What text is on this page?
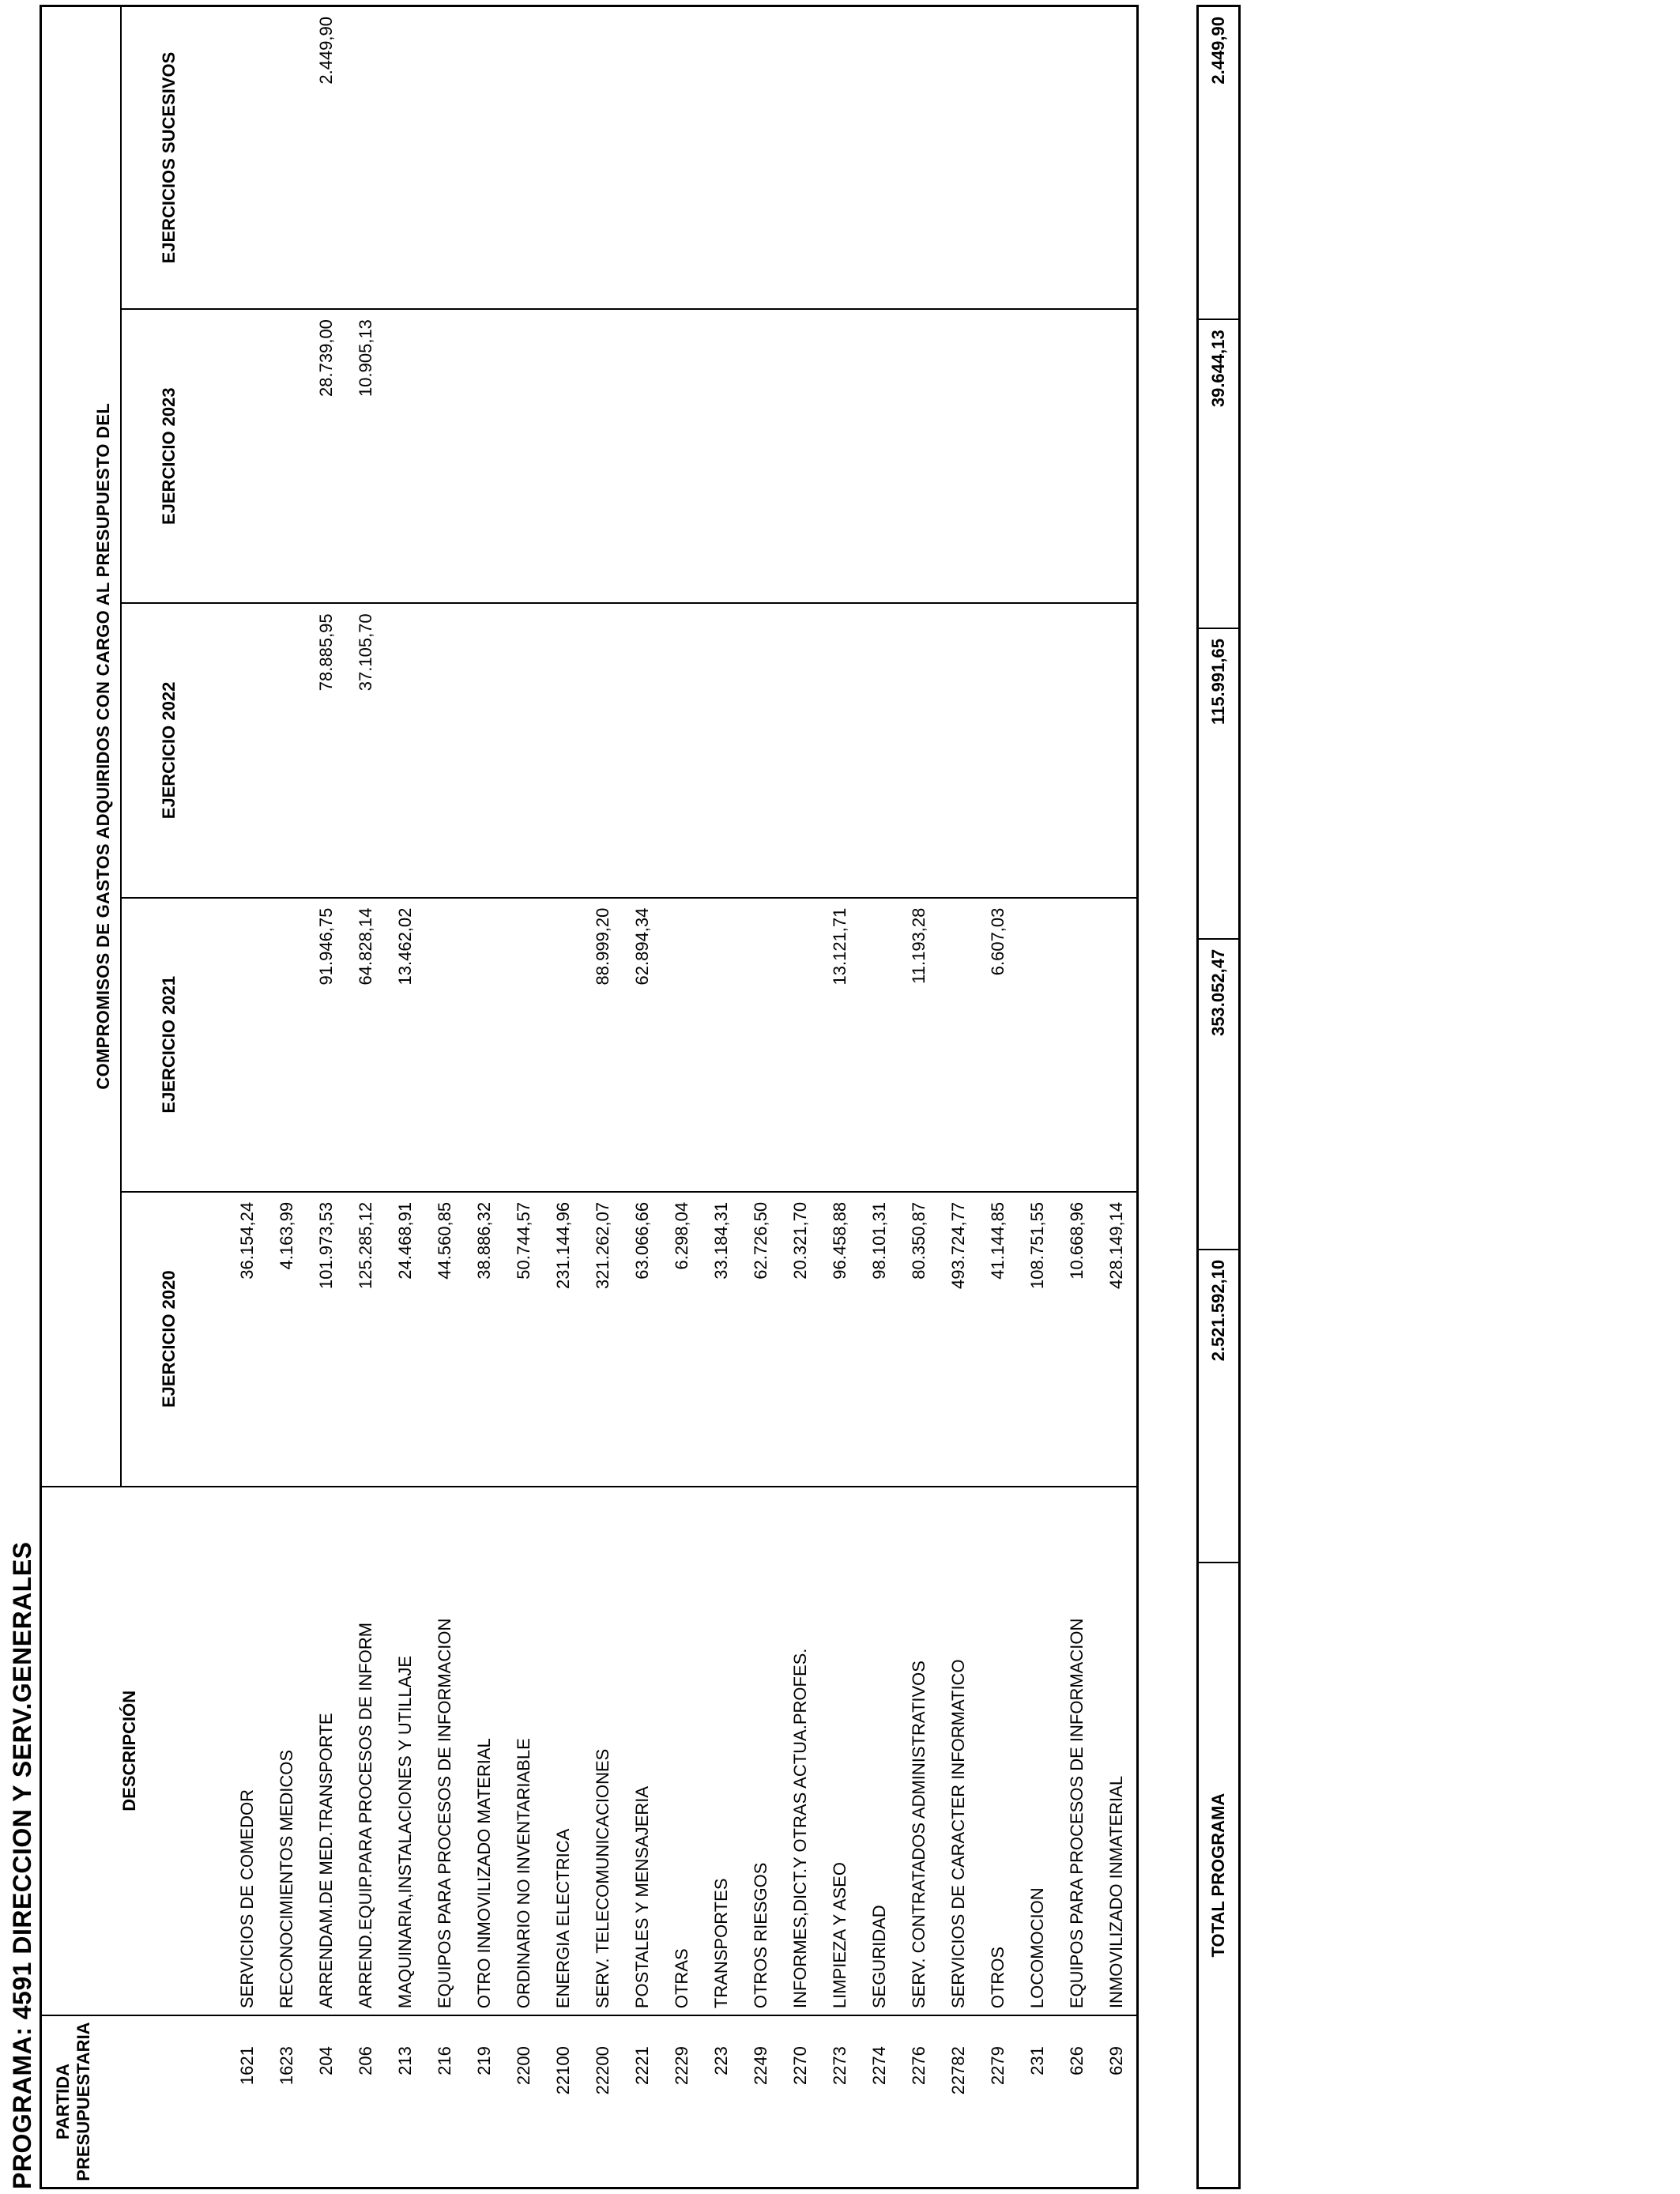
PROGRAMA: 4591 DIRECCION Y SERV.GENERALES PARTIDA
PRESUPUESTARIA	DESCRIPCIÓN	COMPROMISOS DE GASTOS ADQUIRIDOS CON CARGO AL PRESUPUESTO DEL				
		EJERCICIO 2020	EJERCICIO 2021	EJERCICIO 2022	EJERCICIO 2023	EJERCICIOS SUCESIVOS
1621	SERVICIOS DE COMEDOR	36.154,24				
1623	RECONOCIMIENTOS MEDICOS	4.163,99				
204	ARRENDAM.DE MED.TRANSPORTE	101.973,53	91.946,75	78.885,95	28.739,00	2.449,90
206	ARREND.EQUIP.PARA PROCESOS DE INFORM	125.285,12	64.828,14	37.105,70	10.905,13	
213	MAQUINARIA,INSTALACIONES Y UTILLAJE	24.468,91	13.462,02			
216	EQUIPOS PARA PROCESOS DE INFORMACION	44.560,85				
219	OTRO INMOVILIZADO MATERIAL	38.886,32				
2200	ORDINARIO NO INVENTARIABLE	50.744,57				
22100	ENERGIA ELECTRICA	231.144,96				
22200	SERV. TELECOMUNICACIONES	321.262,07	88.999,20			
2221	POSTALES Y MENSAJERIA	63.066,66	62.894,34			
2229	OTRAS	6.298,04				
223	TRANSPORTES	33.184,31				
2249	OTROS RIESGOS	62.726,50				
2270	INFORMES,DICT.Y OTRAS ACTUA.PROFES.	20.321,70				
2273	LIMPIEZA Y ASEO	96.458,88	13.121,71			
2274	SEGURIDAD	98.101,31				
2276	SERV. CONTRATADOS ADMINISTRATIVOS	80.350,87	11.193,28			
22782	SERVICIOS DE CARACTER INFORMATICO	493.724,77				
2279	OTROS	41.144,85	6.607,03			
231	LOCOMOCION	108.751,55				
626	EQUIPOS PARA PROCESOS DE INFORMACION	10.668,96				
629	INMOVILIZADO INMATERIAL	428.149,14				
TOTAL PROGRAMA	2.521.592,10	353.052,47	115.991,65	39.644,13	2.449,90
